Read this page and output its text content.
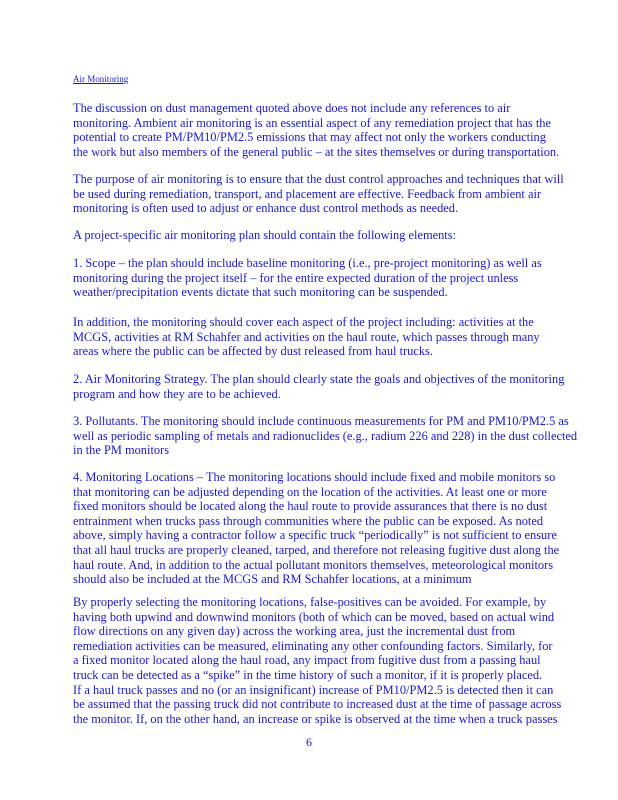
Air Monitoring

The discussion on dust management quoted above does not include any references to air
monitoring. Ambient air monitoring is an essential aspect of any remediation project that has the
potential to create PM/PM10/PM2.5 emissions that may affect not only the workers conducting
the work but also members of the general public – at the sites themselves or during transportation.

The purpose of air monitoring is to ensure that the dust control approaches and techniques that will
be used during remediation, transport, and placement are effective. Feedback from ambient air
monitoring is often used to adjust or enhance dust control methods as needed.

A project-specific air monitoring plan should contain the following elements:

1. Scope – the plan should include baseline monitoring (i.e., pre-project monitoring) as well as
monitoring during the project itself – for the entire expected duration of the project unless
weather/precipitation events dictate that such monitoring can be suspended.

In addition, the monitoring should cover each aspect of the project including: activities at the
MCGS, activities at RM Schahfer and activities on the haul route, which passes through many
areas where the public can be affected by dust released from haul trucks.

2. Air Monitoring Strategy. The plan should clearly state the goals and objectives of the monitoring
program and how they are to be achieved.

3. Pollutants. The monitoring should include continuous measurements for PM and PM10/PM2.5 as
well as periodic sampling of metals and radionuclides (e.g., radium 226 and 228) in the dust collected
in the PM monitors

4. Monitoring Locations – The monitoring locations should include fixed and mobile monitors so
that monitoring can be adjusted depending on the location of the activities. At least one or more
fixed monitors should be located along the haul route to provide assurances that there is no dust
entrainment when trucks pass through communities where the public can be exposed. As noted
above, simply having a contractor follow a specific truck “periodically” is not sufficient to ensure
that all haul trucks are properly cleaned, tarped, and therefore not releasing fugitive dust along the
haul route. And, in addition to the actual pollutant monitors themselves, meteorological monitors
should also be included at the MCGS and RM Schahfer locations, at a minimum

By properly selecting the monitoring locations, false-positives can be avoided. For example, by
having both upwind and downwind monitors (both of which can be moved, based on actual wind
flow directions on any given day) across the working area, just the incremental dust from
remediation activities can be measured, eliminating any other confounding factors. Similarly, for
a fixed monitor located along the haul road, any impact from fugitive dust from a passing haul
truck can be detected as a “spike” in the time history of such a monitor, if it is properly placed.
If a haul truck passes and no (or an insignificant) increase of PM10/PM2.5 is detected then it can
be assumed that the passing truck did not contribute to increased dust at the time of passage across
the monitor. If, on the other hand, an increase or spike is observed at the time when a truck passes

6
